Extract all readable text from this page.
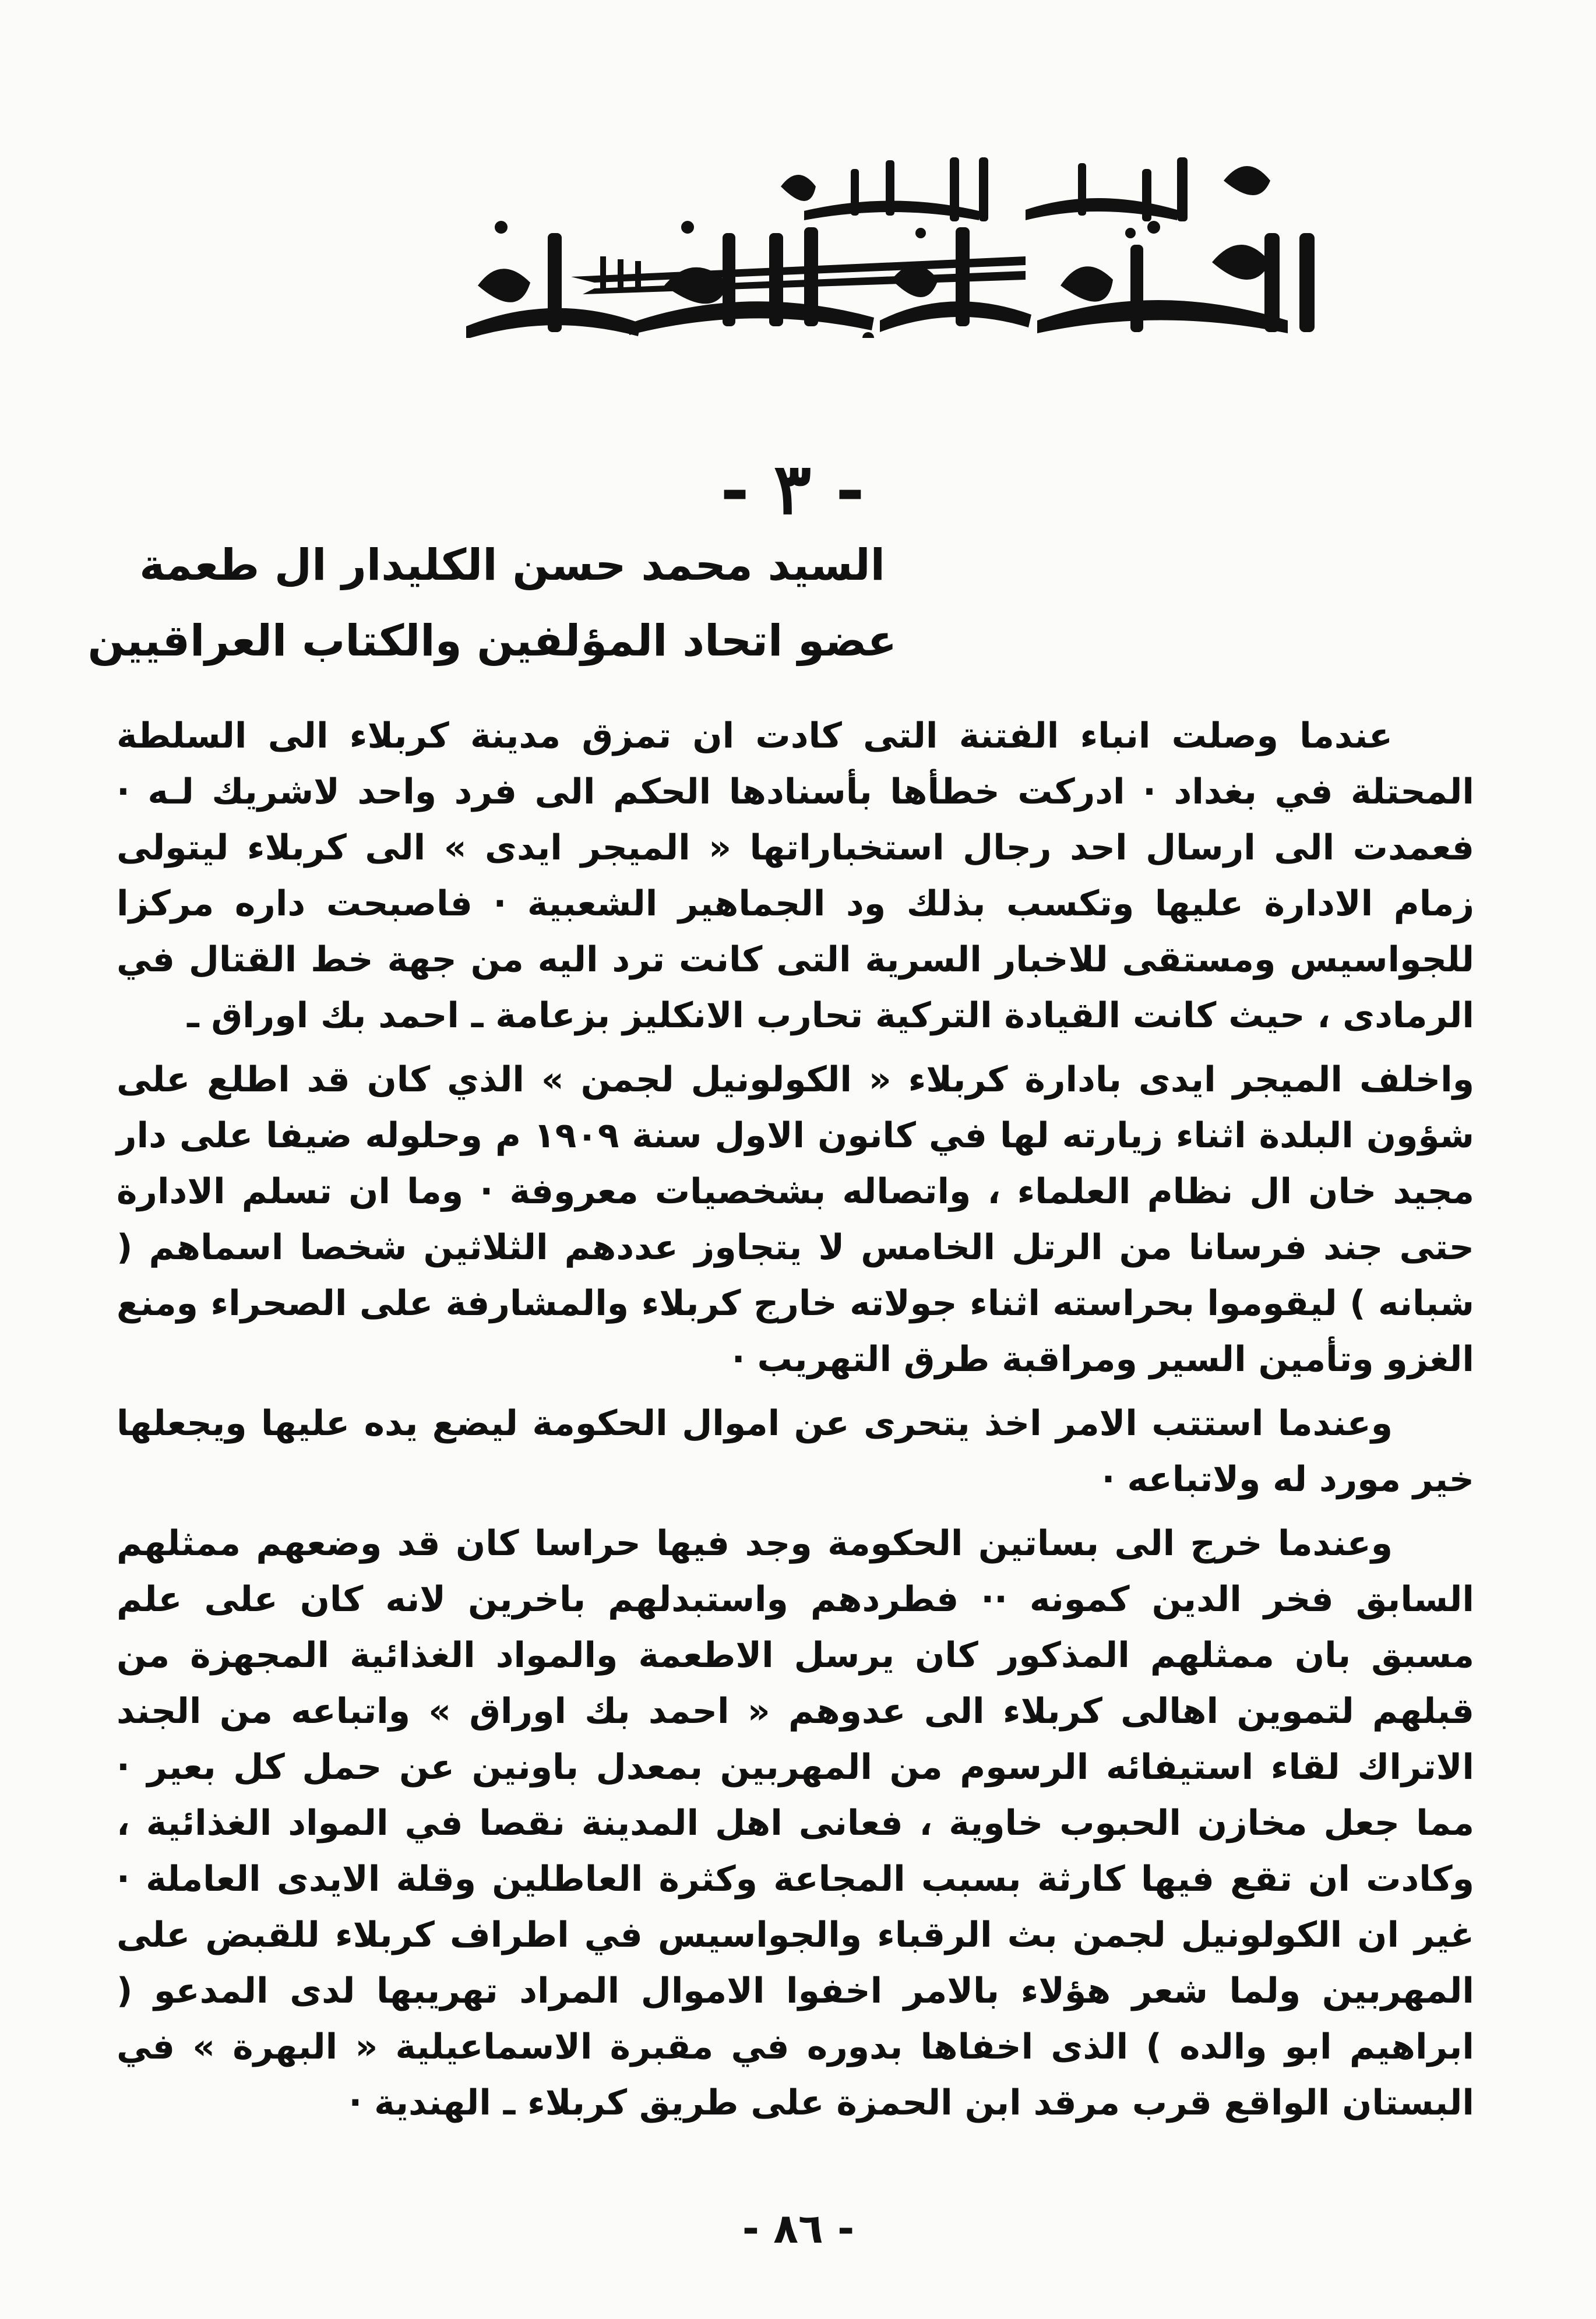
- ٣ -
السيد محمد حسن الكليدار ال طعمة
عضو اتحاد المؤلفين والكتاب العراقيين

عندما وصلت انباء الفتنة التى كادت ان تمزق مدينة كربلاء الى السلطة المحتلة في بغداد · ادركت خطأها بأسنادها الحكم الى فرد واحد لاشريك لـه · فعمدت الى ارسال احد رجال استخباراتها « الميجر ايدى » الى كربلاء ليتولى زمام الادارة عليها وتكسب بذلك ود الجماهير الشعبية · فاصبحت داره مركزا للجواسيس ومستقى للاخبار السرية التى كانت ترد اليه من جهة خط القتال في الرمادى ، حيث كانت القيادة التركية تحارب الانكليز بزعامة ـ احمد بك اوراق ـ

واخلف الميجر ايدى بادارة كربلاء « الكولونيل لجمن » الذي كان قد اطلع على شؤون البلدة اثناء زيارته لها في كانون الاول سنة ١٩٠٩ م وحلوله ضيفا على دار مجيد خان ال نظام العلماء ، واتصاله بشخصيات معروفة · وما ان تسلم الادارة حتى جند فرسانا من الرتل الخامس لا يتجاوز عددهم الثلاثين شخصا اسماهم ( شبانه ) ليقوموا بحراسته اثناء جولاته خارج كربلاء والمشارفة على الصحراء ومنع الغزو وتأمين السير ومراقبة طرق التهريب ·

وعندما استتب الامر اخذ يتحرى عن اموال الحكومة ليضع يده عليها ويجعلها خير مورد له ولاتباعه ·

وعندما خرج الى بساتين الحكومة وجد فيها حراسا كان قد وضعهم ممثلهم السابق فخر الدين كمونه ·· فطردهم واستبدلهم باخرين لانه كان على علم مسبق بان ممثلهم المذكور كان يرسل الاطعمة والمواد الغذائية المجهزة من قبلهم لتموين اهالى كربلاء الى عدوهم « احمد بك اوراق » واتباعه من الجند الاتراك لقاء استيفائه الرسوم من المهربين بمعدل باونين عن حمل كل بعير · مما جعل مخازن الحبوب خاوية ، فعانى اهل المدينة نقصا في المواد الغذائية ، وكادت ان تقع فيها كارثة بسبب المجاعة وكثرة العاطلين وقلة الايدى العاملة · غير ان الكولونيل لجمن بث الرقباء والجواسيس في اطراف كربلاء للقبض على المهربين ولما شعر هؤلاء بالامر اخفوا الاموال المراد تهريبها لدى المدعو ( ابراهيم ابو والده ) الذى اخفاها بدوره في مقبرة الاسماعيلية « البهرة » في البستان الواقع قرب مرقد ابن الحمزة على طريق كربلاء ـ الهندية ·

- ٨٦ -
